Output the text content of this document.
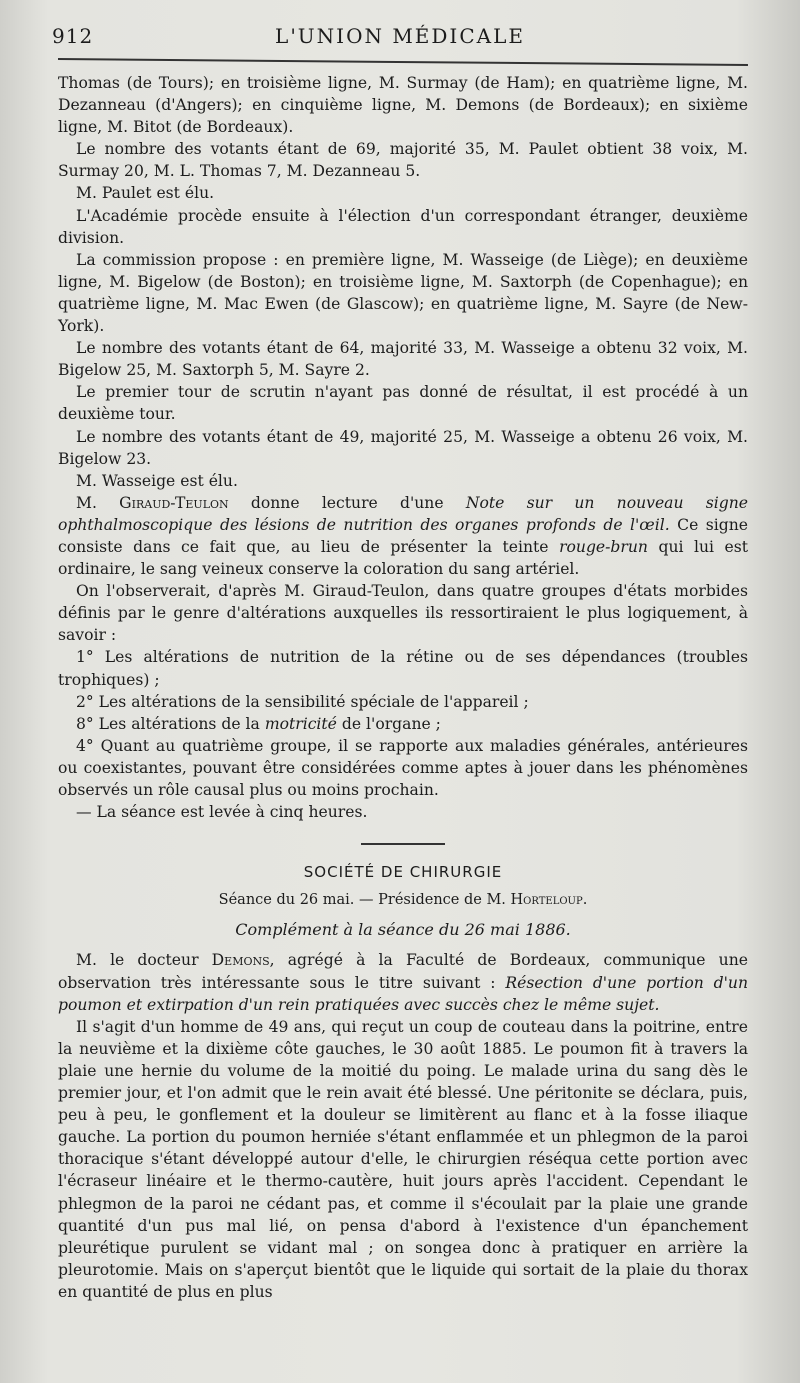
912	L'UNION MÉDICALE

Thomas (de Tours); en troisième ligne, M. Surmay (de Ham); en quatrième ligne, M. Dezanneau (d'Angers); en cinquième ligne, M. Demons (de Bordeaux); en sixième ligne, M. Bitot (de Bordeaux).

Le nombre des votants étant de 69, majorité 35, M. Paulet obtient 38 voix, M. Surmay 20, M. L. Thomas 7, M. Dezanneau 5.

M. Paulet est élu.

L'Académie procède ensuite à l'élection d'un correspondant étranger, deuxième division.

La commission propose : en première ligne, M. Wasseige (de Liège); en deuxième ligne, M. Bigelow (de Boston); en troisième ligne, M. Saxtorph (de Copenhague); en quatrième ligne, M. Mac Ewen (de Glascow); en quatrième ligne, M. Sayre (de New-York).

Le nombre des votants étant de 64, majorité 33, M. Wasseige a obtenu 32 voix, M. Bigelow 25, M. Saxtorph 5, M. Sayre 2.

Le premier tour de scrutin n'ayant pas donné de résultat, il est procédé à un deuxième tour.

Le nombre des votants étant de 49, majorité 25, M. Wasseige a obtenu 26 voix, M. Bigelow 23.

M. Wasseige est élu.

M. Giraud-Teulon donne lecture d'une Note sur un nouveau signe ophthalmoscopique des lésions de nutrition des organes profonds de l'œil. Ce signe consiste dans ce fait que, au lieu de présenter la teinte rouge-brun qui lui est ordinaire, le sang veineux conserve la coloration du sang artériel.

On l'observerait, d'après M. Giraud-Teulon, dans quatre groupes d'états morbides définis par le genre d'altérations auxquelles ils ressortiraient le plus logiquement, à savoir :

1° Les altérations de nutrition de la rétine ou de ses dépendances (troubles trophiques) ;

2° Les altérations de la sensibilité spéciale de l'appareil ;

8° Les altérations de la motricité de l'organe ;

4° Quant au quatrième groupe, il se rapporte aux maladies générales, antérieures ou coexistantes, pouvant être considérées comme aptes à jouer dans les phénomènes observés un rôle causal plus ou moins prochain.

— La séance est levée à cinq heures.

SOCIÉTÉ DE CHIRURGIE
Séance du 26 mai. — Présidence de M. Horteloup.
Complément à la séance du 26 mai 1886.

M. le docteur Demons, agrégé à la Faculté de Bordeaux, communique une observation très intéressante sous le titre suivant : Résection d'une portion d'un poumon et extirpation d'un rein pratiquées avec succès chez le même sujet.

Il s'agit d'un homme de 49 ans, qui reçut un coup de couteau dans la poitrine, entre la neuvième et la dixième côte gauches, le 30 août 1885. Le poumon fit à travers la plaie une hernie du volume de la moitié du poing. Le malade urina du sang dès le premier jour, et l'on admit que le rein avait été blessé. Une péritonite se déclara, puis, peu à peu, le gonflement et la douleur se limitèrent au flanc et à la fosse iliaque gauche. La portion du poumon herniée s'étant enflammée et un phlegmon de la paroi thoracique s'étant développé autour d'elle, le chirurgien réséqua cette portion avec l'écraseur linéaire et le thermo-cautère, huit jours après l'accident. Cependant le phlegmon de la paroi ne cédant pas, et comme il s'écoulait par la plaie une grande quantité d'un pus mal lié, on pensa d'abord à l'existence d'un épanchement pleurétique purulent se vidant mal ; on songea donc à pratiquer en arrière la pleurotomie. Mais on s'aperçut bientôt que le liquide qui sortait de la plaie du thorax en quantité de plus en plus
